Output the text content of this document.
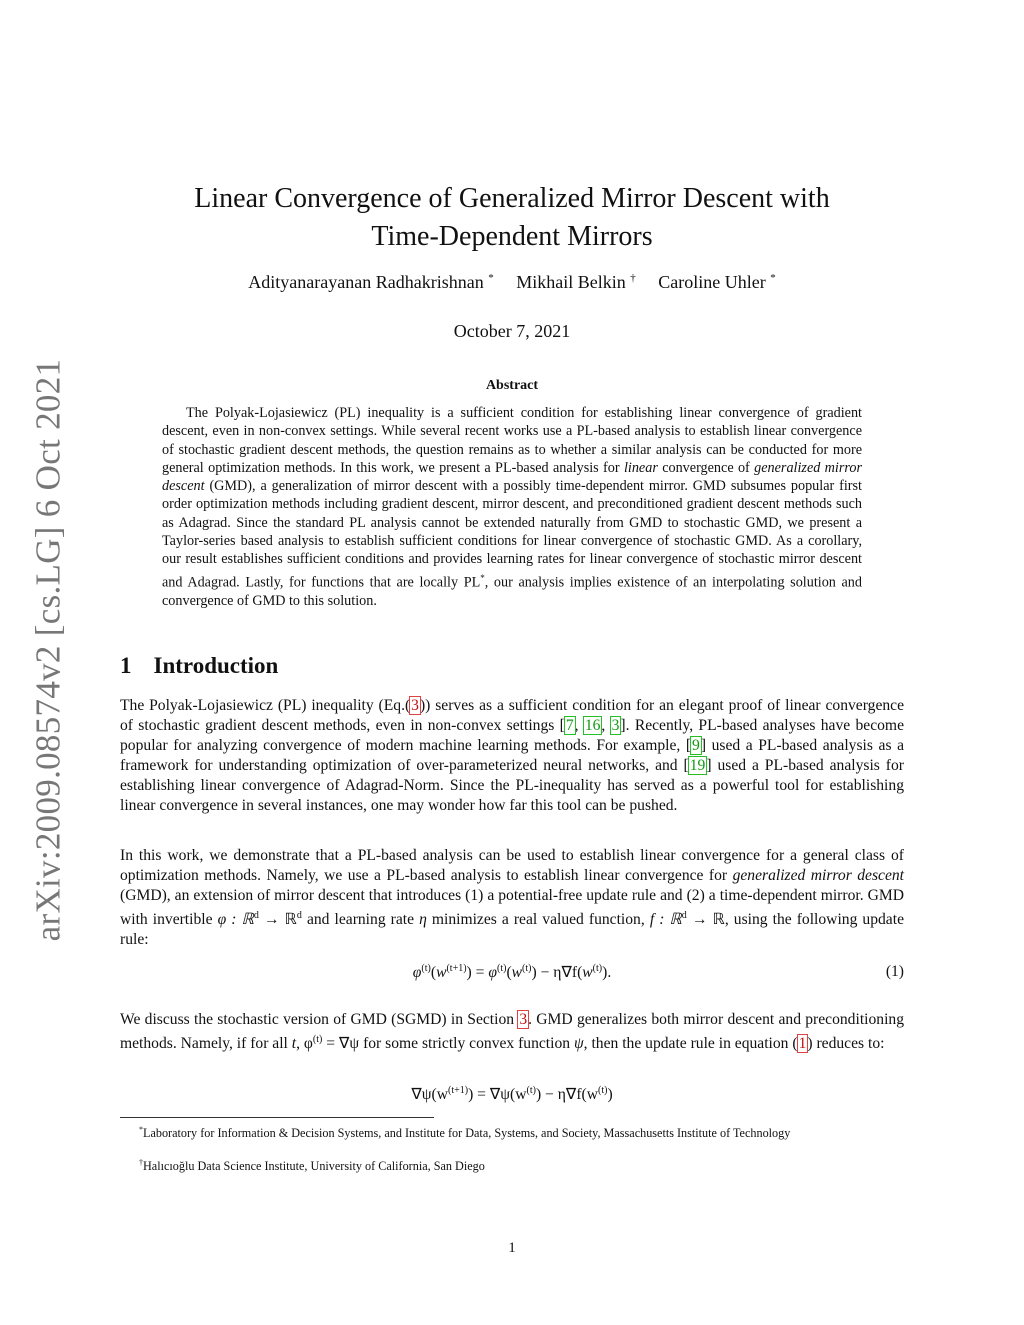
arXiv:2009.08574v2 [cs.LG] 6 Oct 2021
Linear Convergence of Generalized Mirror Descent with
Time-Dependent Mirrors
Adityanarayanan Radhakrishnan * Mikhail Belkin † Caroline Uhler *
October 7, 2021
Abstract

The Polyak-Lojasiewicz (PL) inequality is a sufficient condition for establishing linear convergence of gradient descent, even in non-convex settings. While several recent works use a PL-based analysis to establish linear convergence of stochastic gradient descent methods, the question remains as to whether a similar analysis can be conducted for more general optimization methods. In this work, we present a PL-based analysis for linear convergence of generalized mirror descent (GMD), a generalization of mirror descent with a possibly time-dependent mirror. GMD subsumes popular first order optimization methods including gradient descent, mirror descent, and preconditioned gradient descent methods such as Adagrad. Since the standard PL analysis cannot be extended naturally from GMD to stochastic GMD, we present a Taylor-series based analysis to establish sufficient conditions for linear convergence of stochastic GMD. As a corollary, our result establishes sufficient conditions and provides learning rates for linear convergence of stochastic mirror descent and Adagrad. Lastly, for functions that are locally PL*, our analysis implies existence of an interpolating solution and convergence of GMD to this solution.

1 Introduction

The Polyak-Lojasiewicz (PL) inequality (Eq.(3)) serves as a sufficient condition for an elegant proof of linear convergence of stochastic gradient descent methods, even in non-convex settings [7, 16, 3]. Recently, PL-based analyses have become popular for analyzing convergence of modern machine learning methods. For example, [9] used a PL-based analysis as a framework for understanding optimization of over-parameterized neural networks, and [19] used a PL-based analysis for establishing linear convergence of Adagrad-Norm. Since the PL-inequality has served as a powerful tool for establishing linear convergence in several instances, one may wonder how far this tool can be pushed.

In this work, we demonstrate that a PL-based analysis can be used to establish linear convergence for a general class of optimization methods. Namely, we use a PL-based analysis to establish linear convergence for generalized mirror descent (GMD), an extension of mirror descent that introduces (1) a potential-free update rule and (2) a time-dependent mirror. GMD with invertible φ : ℝ$^d$ → ℝ$^d$ and learning rate η minimizes a real valued function, f : ℝ$^d$ → ℝ, using the following update rule:

$\varphi^{(t)}(w^{(t+1)}) = \varphi^{(t)}(w^{(t)}) - \eta\nabla f(w^{(t)})$.	(1)

We discuss the stochastic version of GMD (SGMD) in Section 3. GMD generalizes both mirror descent and preconditioning methods. Namely, if for all t, $\varphi^{(t)} = \nabla\psi$ for some strictly convex function ψ, then the update rule in equation (1) reduces to:

$\nabla\psi(w^{(t+1)}) = \nabla\psi(w^{(t)}) - \eta\nabla f(w^{(t)})$

*Laboratory for Information & Decision Systems, and Institute for Data, Systems, and Society, Massachusetts Institute of Technology

†Halıcıoğlu Data Science Institute, University of California, San Diego

1
